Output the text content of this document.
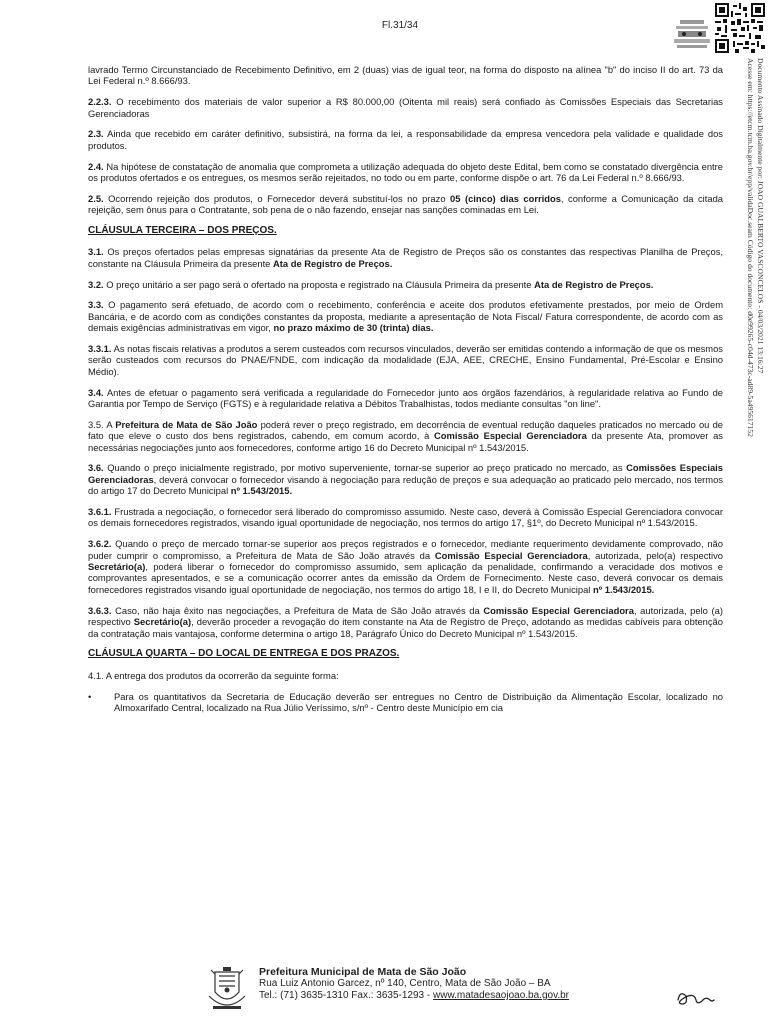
Fl.31/34
Documento Assinado Digitalmente por: JOAO GUALBERTO VASCONCELOS - 04/03/2021 13:16:27
Acesse em: https://etcm.tcm.ba.gov.br/epp/validaDoc.seam Código do documento: d0e99265-c04d-473c-ad89-5a495617152

lavrado Termo Circunstanciado de Recebimento Definitivo, em 2 (duas) vias de igual teor, na forma do disposto na alínea "b" do inciso II do art. 73 da Lei Federal n.º 8.666/93.

2.2.3. O recebimento dos materiais de valor superior a R$ 80.000,00 (Oitenta mil reais) será confiado às Comissões Especiais das Secretarias Gerenciadoras

2.3. Ainda que recebido em caráter definitivo, subsistirá, na forma da lei, a responsabilidade da empresa vencedora pela validade e qualidade dos produtos.

2.4. Na hipótese de constatação de anomalia que comprometa a utilização adequada do objeto deste Edital, bem como se constatado divergência entre os produtos ofertados e os entregues, os mesmos serão rejeitados, no todo ou em parte, conforme dispõe o art. 76 da Lei Federal n.º 8.666/93.

2.5. Ocorrendo rejeição dos produtos, o Fornecedor deverá substituí-los no prazo 05 (cinco) dias corridos, conforme a Comunicação da citada rejeição, sem ônus para o Contratante, sob pena de o não fazendo, ensejar nas sanções cominadas em Lei.

CLÁUSULA TERCEIRA – DOS PREÇOS.

3.1. Os preços ofertados pelas empresas signatárias da presente Ata de Registro de Preços são os constantes das respectivas Planilha de Preços, constante na Cláusula Primeira da presente Ata de Registro de Preços.

3.2. O preço unitário a ser pago será o ofertado na proposta e registrado na Cláusula Primeira da presente Ata de Registro de Preços.

3.3. O pagamento será efetuado, de acordo com o recebimento, conferência e aceite dos produtos efetivamente prestados, por meio de Ordem Bancária, e de acordo com as condições constantes da proposta, mediante a apresentação de Nota Fiscal/ Fatura correspondente, de acordo com as demais exigências administrativas em vigor, no prazo máximo de 30 (trinta) dias.

3.3.1. As notas fiscais relativas a produtos a serem custeados com recursos vinculados, deverão ser emitidas contendo a informação de que os mesmos serão custeados com recursos do PNAE/FNDE, com indicação da modalidade (EJA, AEE, CRECHE, Ensino Fundamental, Pré-Escolar e Ensino Médio).

3.4. Antes de efetuar o pagamento será verificada a regularidade do Fornecedor junto aos órgãos fazendários, à regularidade relativa ao Fundo de Garantia por Tempo de Serviço (FGTS) e à regularidade relativa a Débitos Trabalhistas, todos mediante consultas "on line".

3.5. A Prefeitura de Mata de São João poderá rever o preço registrado, em decorrência de eventual redução daqueles praticados no mercado ou de fato que eleve o custo dos bens registrados, cabendo, em comum acordo, à Comissão Especial Gerenciadora da presente Ata, promover as necessárias negociações junto aos fornecedores, conforme artigo 16 do Decreto Municipal nº 1.543/2015.

3.6. Quando o preço inicialmente registrado, por motivo superveniente, tornar-se superior ao preço praticado no mercado, as Comissões Especiais Gerenciadoras, deverá convocar o fornecedor visando à negociação para redução de preços e sua adequação ao praticado pelo mercado, nos termos do artigo 17 do Decreto Municipal nº 1.543/2015.

3.6.1. Frustrada a negociação, o fornecedor será liberado do compromisso assumido. Neste caso, deverá à Comissão Especial Gerenciadora convocar os demais fornecedores registrados, visando igual oportunidade de negociação, nos termos do artigo 17, §1º, do Decreto Municipal nº 1.543/2015.

3.6.2. Quando o preço de mercado tornar-se superior aos preços registrados e o fornecedor, mediante requerimento devidamente comprovado, não puder cumprir o compromisso, a Prefeitura de Mata de São João através da Comissão Especial Gerenciadora, autorizada, pelo(a) respectivo Secretário(a), poderá liberar o fornecedor do compromisso assumido, sem aplicação da penalidade, confirmando a veracidade dos motivos e comprovantes apresentados, e se a comunicação ocorrer antes da emissão da Ordem de Fornecimento. Neste caso, deverá convocar os demais fornecedores registrados visando igual oportunidade de negociação, nos termos do artigo 18, I e II, do Decreto Municipal nº 1.543/2015.

3.6.3. Caso, não haja êxito nas negociações, a Prefeitura de Mata de São João através da Comissão Especial Gerenciadora, autorizada, pelo (a) respectivo Secretário(a), deverão proceder a revogação do item constante na Ata de Registro de Preço, adotando as medidas cabíveis para obtenção da contratação mais vantajosa, conforme determina o artigo 18, Parágrafo Único do Decreto Municipal nº 1.543/2015.

CLÁUSULA QUARTA – DO LOCAL DE ENTREGA E DOS PRAZOS.

4.1. A entrega dos produtos da ocorrerão da seguinte forma:

• Para os quantitativos da Secretaria de Educação deverão ser entregues no Centro de Distribuição da Alimentação Escolar, localizado no Almoxarifado Central, localizado na Rua Júlio Veríssimo, s/nº - Centro deste Município em cia

Prefeitura Municipal de Mata de São João
Rua Luiz Antonio Garcez, nº 140, Centro, Mata de São João – BA
Tel.: (71) 3635-1310 Fax.: 3635-1293 - www.matadesaojoao.ba.gov.br
